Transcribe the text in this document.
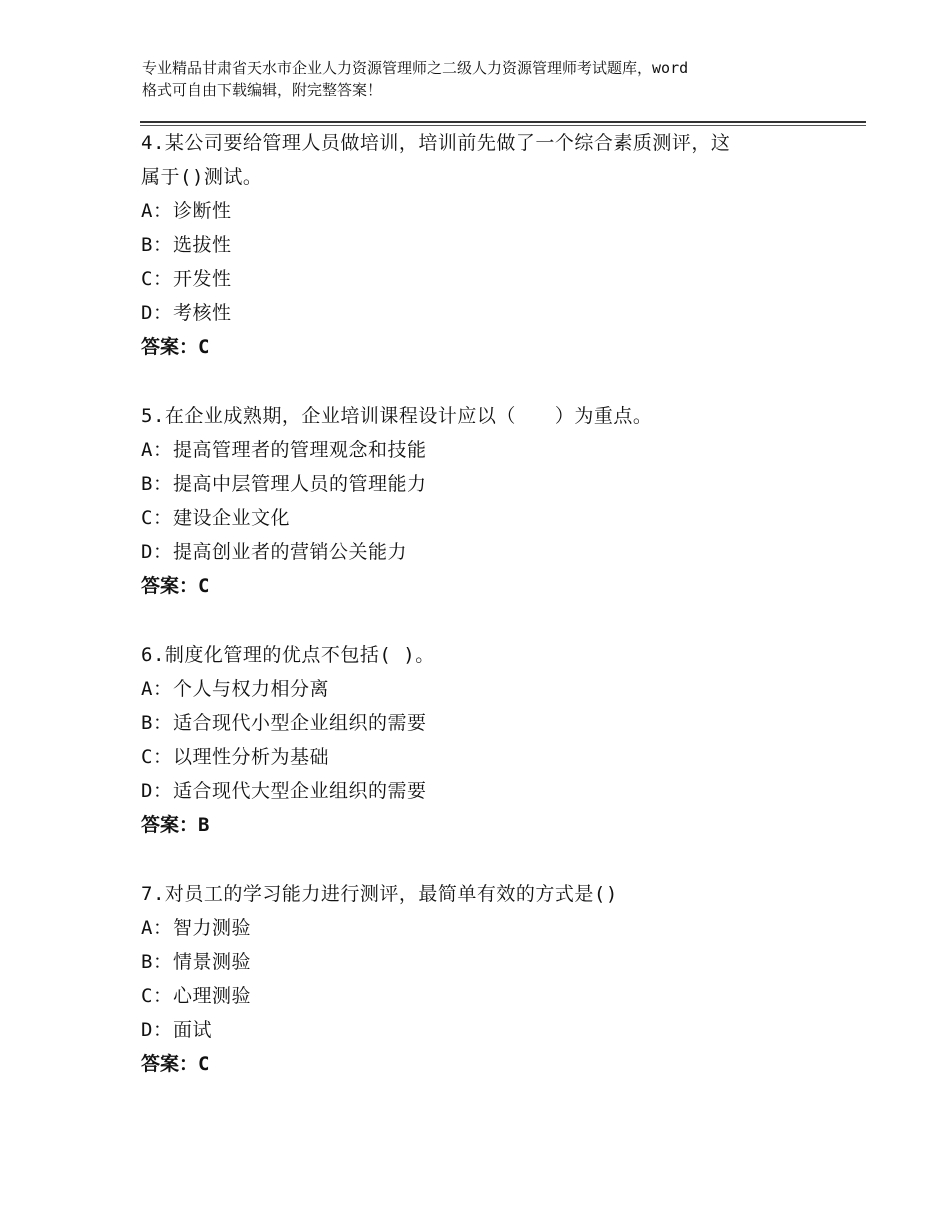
专业精品甘肃省天水市企业人力资源管理师之二级人力资源管理师考试题库，word
格式可自由下载编辑，附完整答案！

4.某公司要给管理人员做培训，培训前先做了一个综合素质测评，这

属于()测试。

A：诊断性

B：选拔性

C：开发性

D：考核性

答案：C

5.在企业成熟期，企业培训课程设计应以（　　）为重点。

A：提高管理者的管理观念和技能

B：提高中层管理人员的管理能力

C：建设企业文化

D：提高创业者的营销公关能力

答案：C

6.制度化管理的优点不包括( )。

A：个人与权力相分离

B：适合现代小型企业组织的需要

C：以理性分析为基础

D：适合现代大型企业组织的需要

答案：B

7.对员工的学习能力进行测评，最简单有效的方式是()

A：智力测验

B：情景测验

C：心理测验

D：面试

答案：C
